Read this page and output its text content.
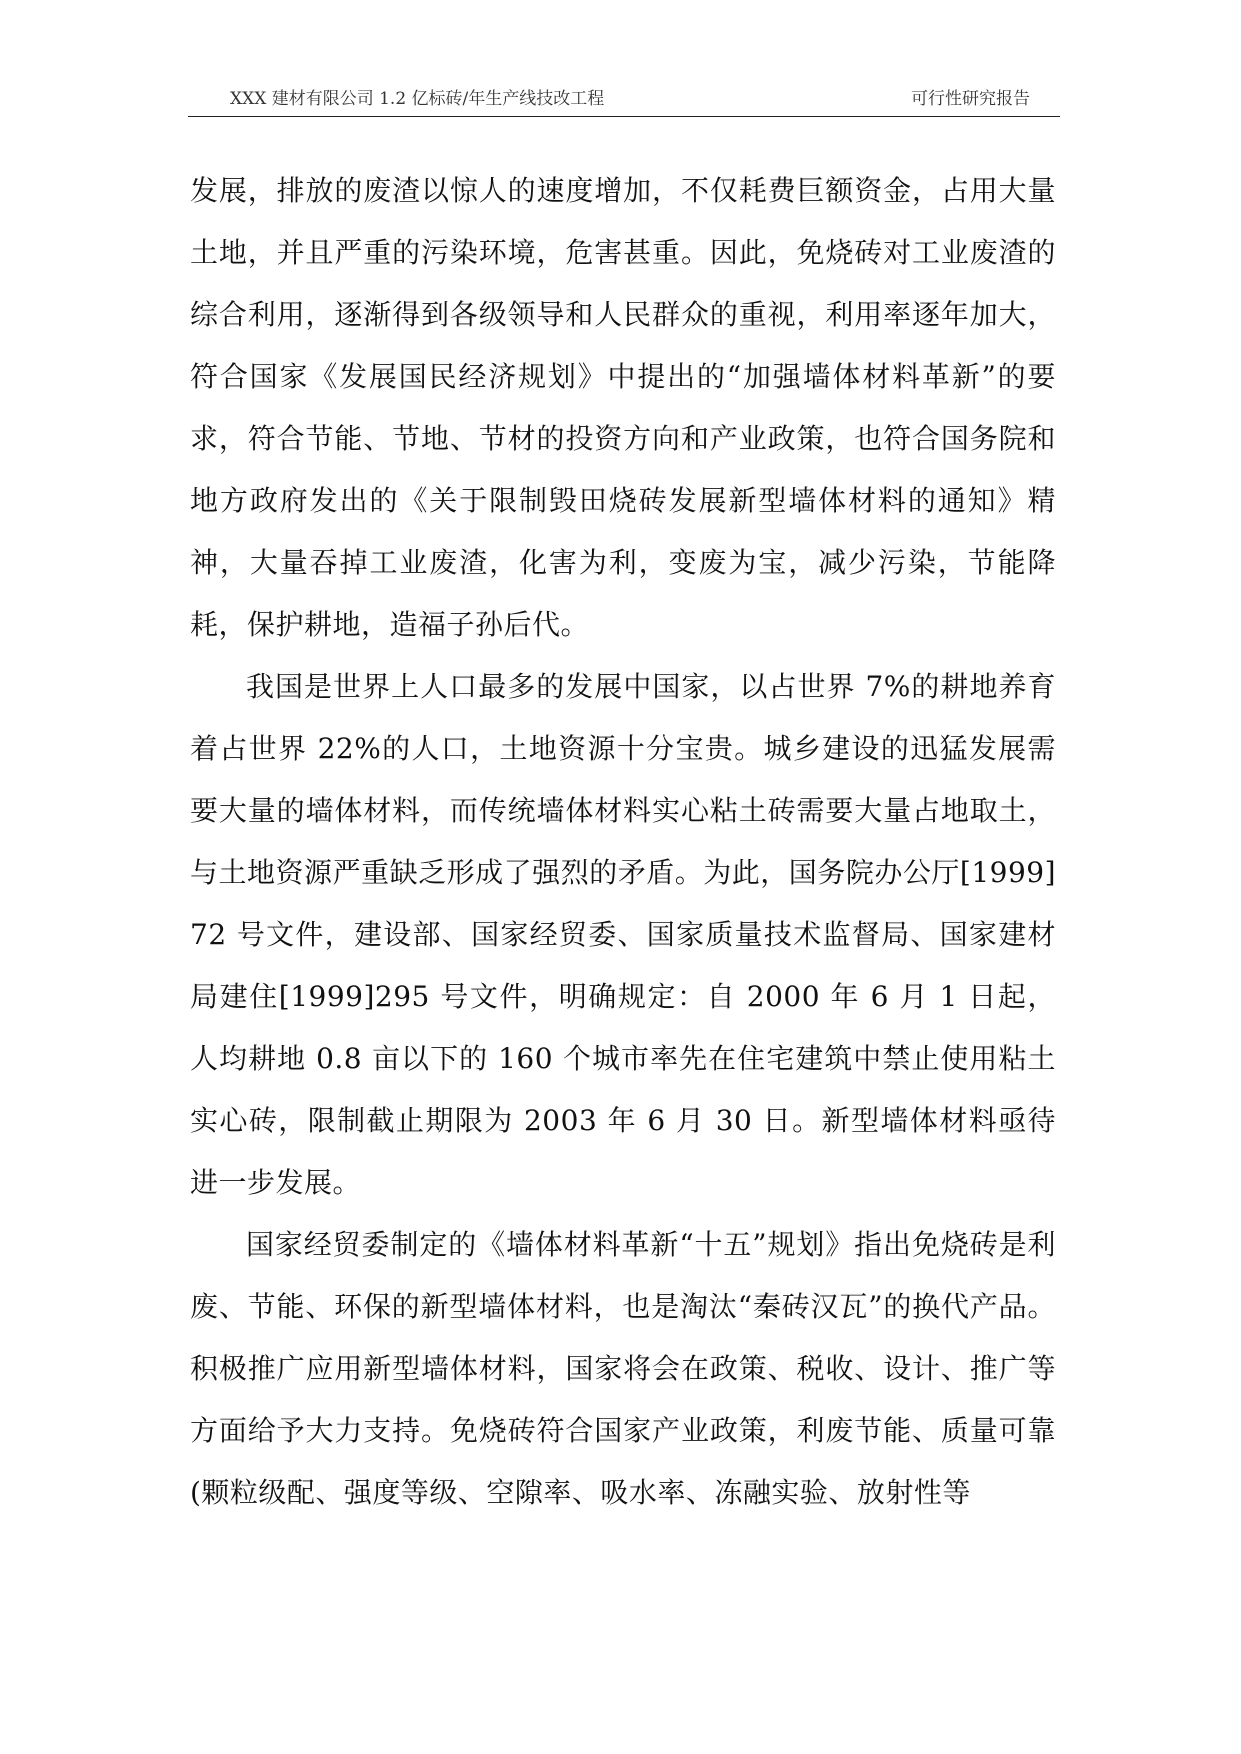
XXX 建材有限公司 1.2 亿标砖/年生产线技改工程	可行性研究报告

发展，排放的废渣以惊人的速度增加，不仅耗费巨额资金，占用大量土地，并且严重的污染环境，危害甚重。因此，免烧砖对工业废渣的综合利用，逐渐得到各级领导和人民群众的重视，利用率逐年加大，符合国家《发展国民经济规划》中提出的“加强墙体材料革新”的要求，符合节能、节地、节材的投资方向和产业政策，也符合国务院和地方政府发出的《关于限制毁田烧砖发展新型墙体材料的通知》精神，大量吞掉工业废渣，化害为利，变废为宝，减少污染，节能降耗，保护耕地，造福子孙后代。

我国是世界上人口最多的发展中国家，以占世界 7%的耕地养育着占世界 22%的人口，土地资源十分宝贵。城乡建设的迅猛发展需要大量的墙体材料，而传统墙体材料实心粘土砖需要大量占地取土，与土地资源严重缺乏形成了强烈的矛盾。为此，国务院办公厅[1999]72 号文件，建设部、国家经贸委、国家质量技术监督局、国家建材局建住[1999]295 号文件，明确规定：自 2000 年 6 月 1 日起，人均耕地 0.8 亩以下的 160 个城市率先在住宅建筑中禁止使用粘土实心砖，限制截止期限为 2003 年 6 月 30 日。新型墙体材料亟待进一步发展。

国家经贸委制定的《墙体材料革新“十五”规划》指出免烧砖是利废、节能、环保的新型墙体材料，也是淘汰“秦砖汉瓦”的换代产品。积极推广应用新型墙体材料，国家将会在政策、税收、设计、推广等方面给予大力支持。免烧砖符合国家产业政策，利废节能、质量可靠(颗粒级配、强度等级、空隙率、吸水率、冻融实验、放射性等
